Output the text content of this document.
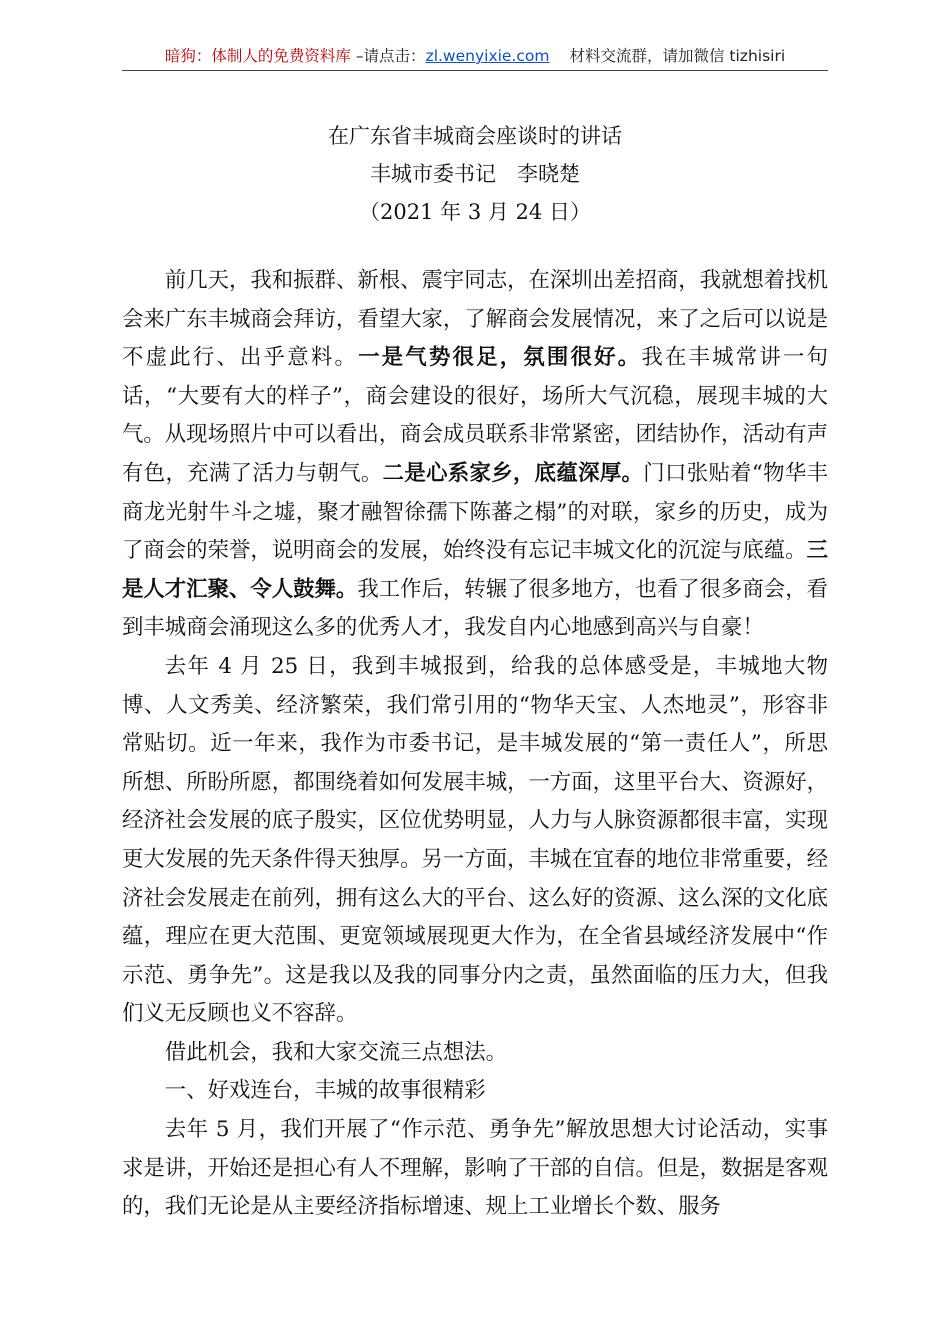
暗狗：体制人的免费资料库 –请点击：zl.wenyixie.com 材料交流群，请加微信 tizhisiri
在广东省丰城商会座谈时的讲话
丰城市委书记　李晓楚
（2021 年 3 月 24 日）

前几天，我和振群、新根、震宇同志，在深圳出差招商，我就想着找机会来广东丰城商会拜访，看望大家，了解商会发展情况，来了之后可以说是不虚此行、出乎意料。一是气势很足，氛围很好。我在丰城常讲一句话，“大要有大的样子”，商会建设的很好，场所大气沉稳，展现丰城的大气。从现场照片中可以看出，商会成员联系非常紧密，团结协作，活动有声有色，充满了活力与朝气。二是心系家乡，底蕴深厚。门口张贴着“物华丰商龙光射牛斗之墟，聚才融智徐孺下陈蕃之榻”的对联，家乡的历史，成为了商会的荣誉，说明商会的发展，始终没有忘记丰城文化的沉淀与底蕴。三是人才汇聚、令人鼓舞。我工作后，转辗了很多地方，也看了很多商会，看到丰城商会涌现这么多的优秀人才，我发自内心地感到高兴与自豪！

去年 4 月 25 日，我到丰城报到，给我的总体感受是，丰城地大物博、人文秀美、经济繁荣，我们常引用的“物华天宝、人杰地灵”，形容非常贴切。近一年来，我作为市委书记，是丰城发展的“第一责任人”，所思所想、所盼所愿，都围绕着如何发展丰城，一方面，这里平台大、资源好，经济社会发展的底子殷实，区位优势明显，人力与人脉资源都很丰富，实现更大发展的先天条件得天独厚。另一方面，丰城在宜春的地位非常重要，经济社会发展走在前列，拥有这么大的平台、这么好的资源、这么深的文化底蕴，理应在更大范围、更宽领域展现更大作为，在全省县域经济发展中“作示范、勇争先”。这是我以及我的同事分内之责，虽然面临的压力大，但我们义无反顾也义不容辞。

借此机会，我和大家交流三点想法。

一、好戏连台，丰城的故事很精彩

去年 5 月，我们开展了“作示范、勇争先”解放思想大讨论活动，实事求是讲，开始还是担心有人不理解，影响了干部的自信。但是，数据是客观的，我们无论是从主要经济指标增速、规上工业增长个数、服务
